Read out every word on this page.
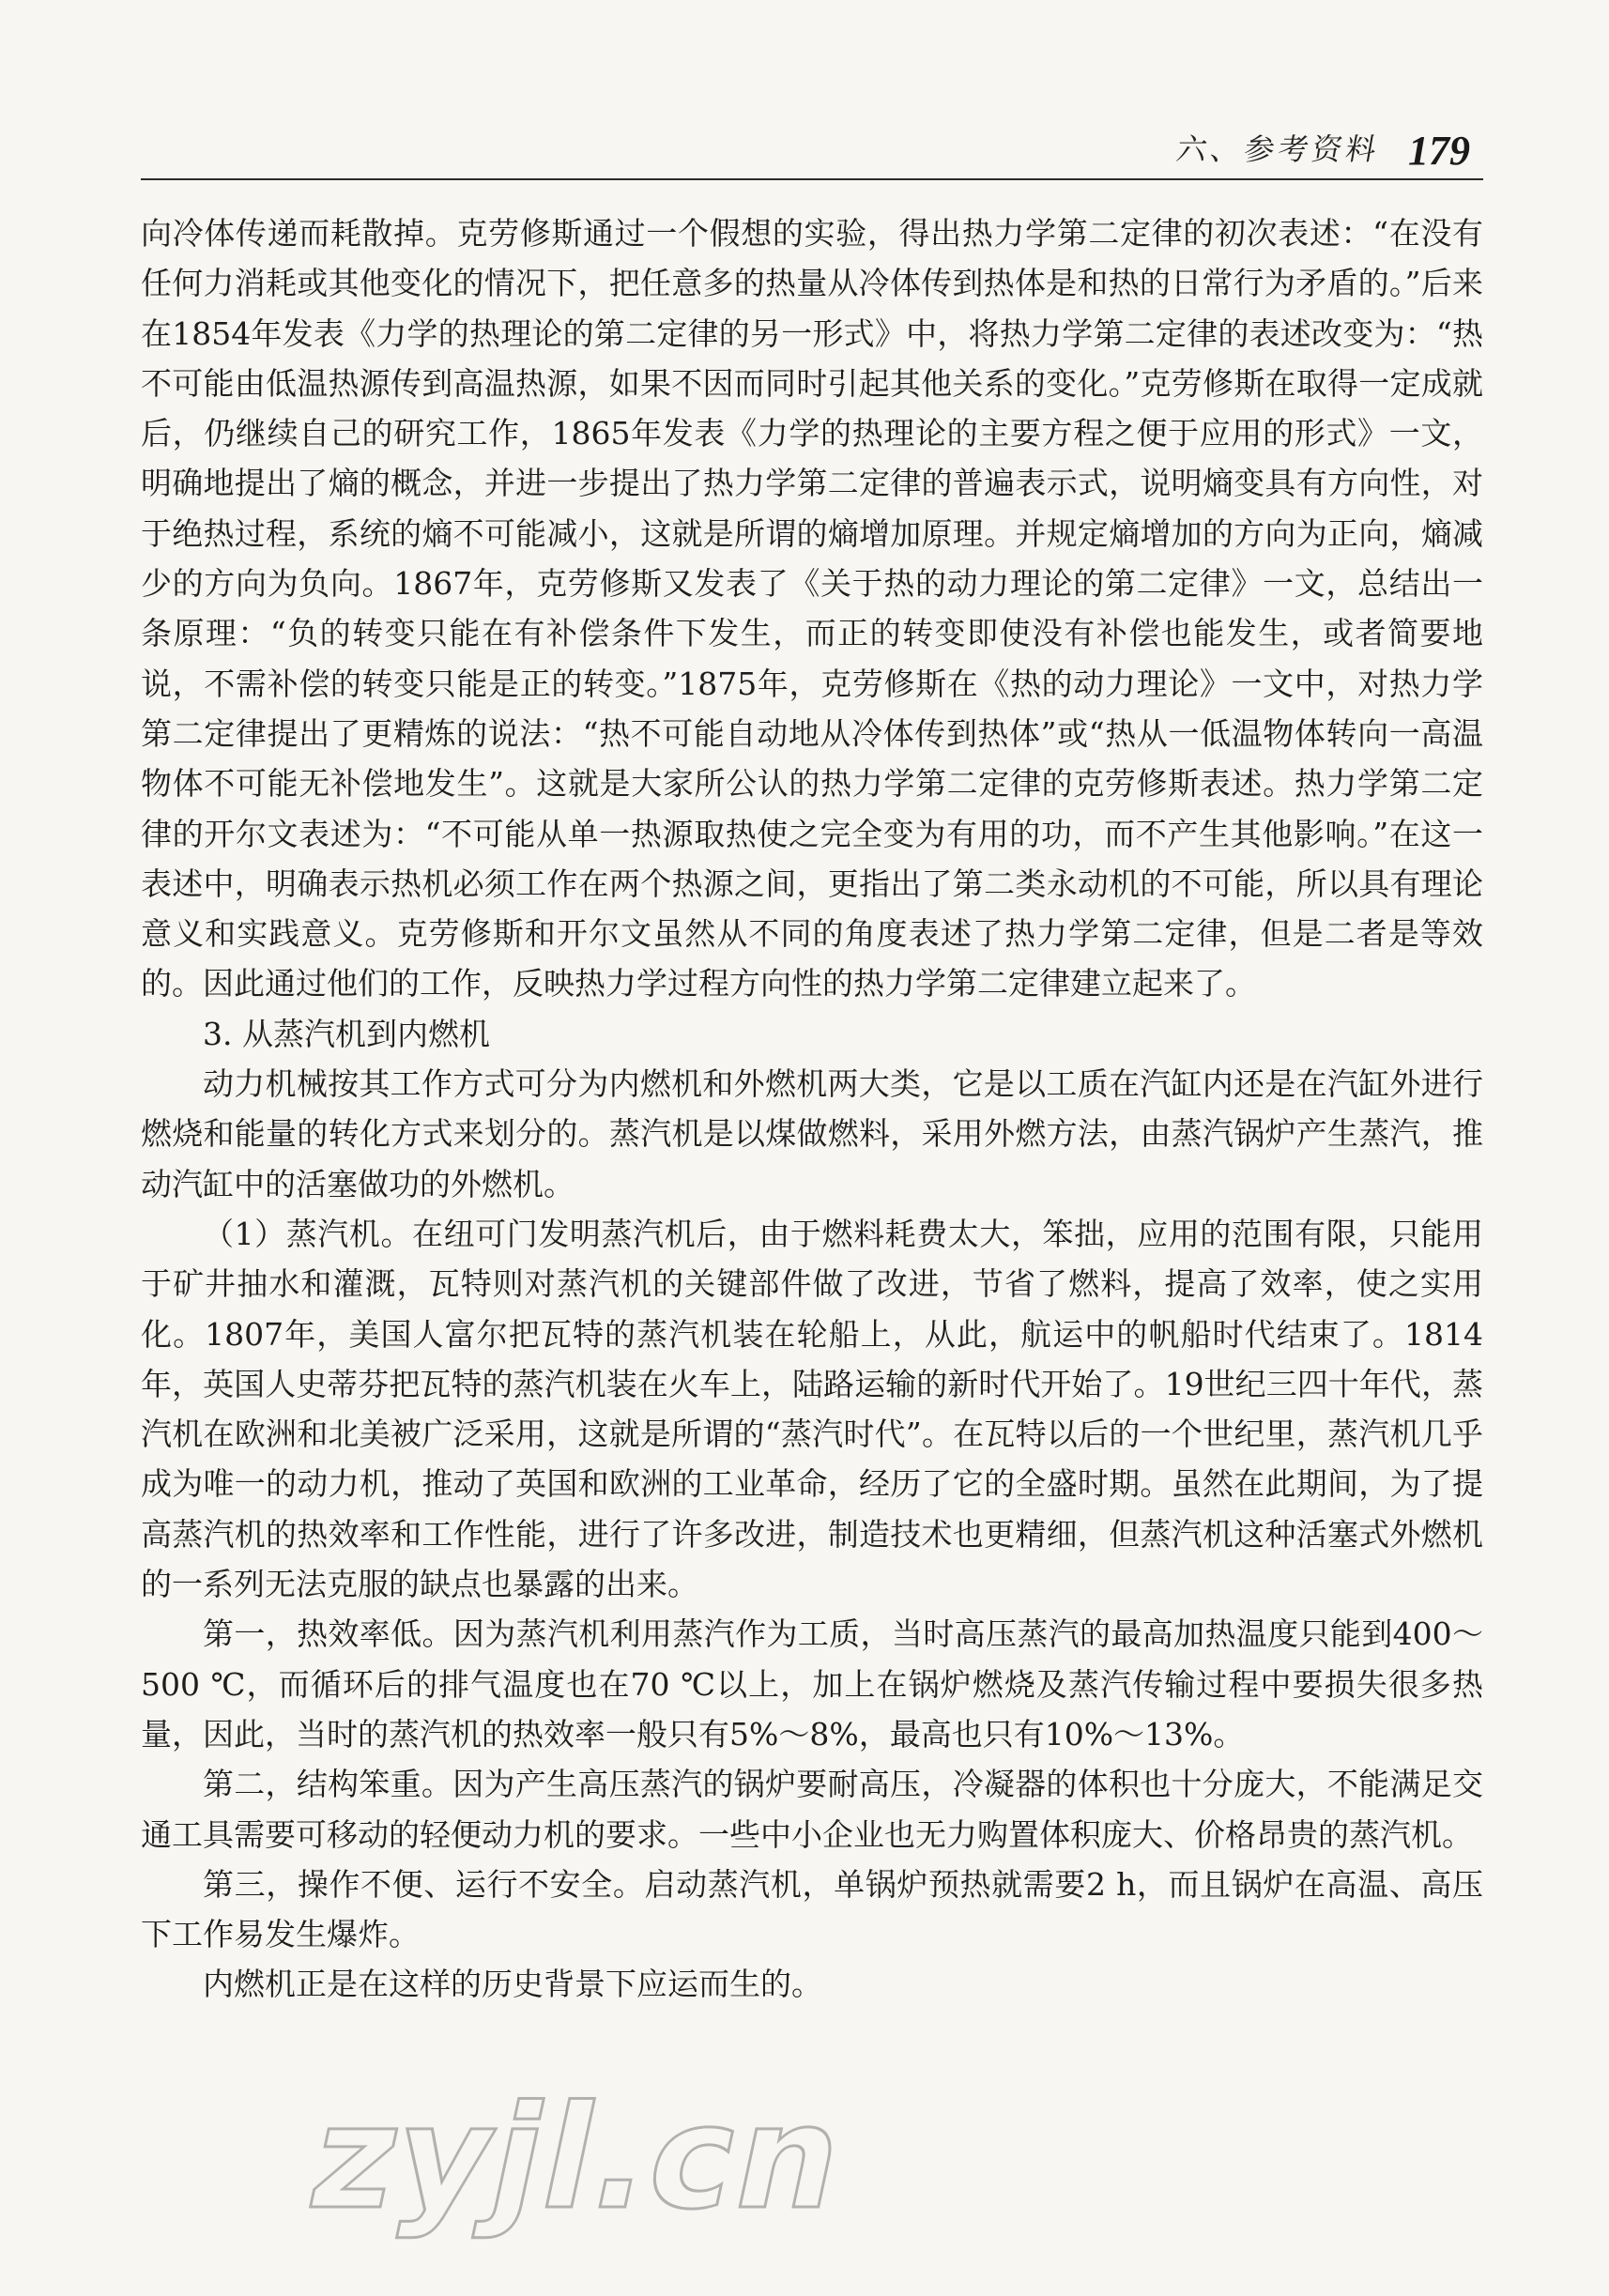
六、参考资料 179

向冷体传递而耗散掉。克劳修斯通过一个假想的实验，得出热力学第二定律的初次表述：“在没有任何力消耗或其他变化的情况下，把任意多的热量从冷体传到热体是和热的日常行为矛盾的。”后来在1854年发表《力学的热理论的第二定律的另一形式》中，将热力学第二定律的表述改变为：“热不可能由低温热源传到高温热源，如果不因而同时引起其他关系的变化。”克劳修斯在取得一定成就后，仍继续自己的研究工作，1865年发表《力学的热理论的主要方程之便于应用的形式》一文，明确地提出了熵的概念，并进一步提出了热力学第二定律的普遍表示式，说明熵变具有方向性，对于绝热过程，系统的熵不可能减小，这就是所谓的熵增加原理。并规定熵增加的方向为正向，熵减少的方向为负向。1867年，克劳修斯又发表了《关于热的动力理论的第二定律》一文，总结出一条原理：“负的转变只能在有补偿条件下发生，而正的转变即使没有补偿也能发生，或者简要地说，不需补偿的转变只能是正的转变。”1875年，克劳修斯在《热的动力理论》一文中，对热力学第二定律提出了更精炼的说法：“热不可能自动地从冷体传到热体”或“热从一低温物体转向一高温物体不可能无补偿地发生”。这就是大家所公认的热力学第二定律的克劳修斯表述。热力学第二定律的开尔文表述为：“不可能从单一热源取热使之完全变为有用的功，而不产生其他影响。”在这一表述中，明确表示热机必须工作在两个热源之间，更指出了第二类永动机的不可能，所以具有理论意义和实践意义。克劳修斯和开尔文虽然从不同的角度表述了热力学第二定律，但是二者是等效的。因此通过他们的工作，反映热力学过程方向性的热力学第二定律建立起来了。

3. 从蒸汽机到内燃机

动力机械按其工作方式可分为内燃机和外燃机两大类，它是以工质在汽缸内还是在汽缸外进行燃烧和能量的转化方式来划分的。蒸汽机是以煤做燃料，采用外燃方法，由蒸汽锅炉产生蒸汽，推动汽缸中的活塞做功的外燃机。

（1）蒸汽机。在纽可门发明蒸汽机后，由于燃料耗费太大，笨拙，应用的范围有限，只能用于矿井抽水和灌溉，瓦特则对蒸汽机的关键部件做了改进，节省了燃料，提高了效率，使之实用化。1807年，美国人富尔把瓦特的蒸汽机装在轮船上，从此，航运中的帆船时代结束了。1814年，英国人史蒂芬把瓦特的蒸汽机装在火车上，陆路运输的新时代开始了。19世纪三四十年代，蒸汽机在欧洲和北美被广泛采用，这就是所谓的“蒸汽时代”。在瓦特以后的一个世纪里，蒸汽机几乎成为唯一的动力机，推动了英国和欧洲的工业革命，经历了它的全盛时期。虽然在此期间，为了提高蒸汽机的热效率和工作性能，进行了许多改进，制造技术也更精细，但蒸汽机这种活塞式外燃机的一系列无法克服的缺点也暴露的出来。

第一，热效率低。因为蒸汽机利用蒸汽作为工质，当时高压蒸汽的最高加热温度只能到400～500 ℃，而循环后的排气温度也在70 ℃以上，加上在锅炉燃烧及蒸汽传输过程中要损失很多热量，因此，当时的蒸汽机的热效率一般只有5%～8%，最高也只有10%～13%。

第二，结构笨重。因为产生高压蒸汽的锅炉要耐高压，冷凝器的体积也十分庞大，不能满足交通工具需要可移动的轻便动力机的要求。一些中小企业也无力购置体积庞大、价格昂贵的蒸汽机。

第三，操作不便、运行不安全。启动蒸汽机，单锅炉预热就需要2 h，而且锅炉在高温、高压下工作易发生爆炸。

内燃机正是在这样的历史背景下应运而生的。

zyjl.cn
